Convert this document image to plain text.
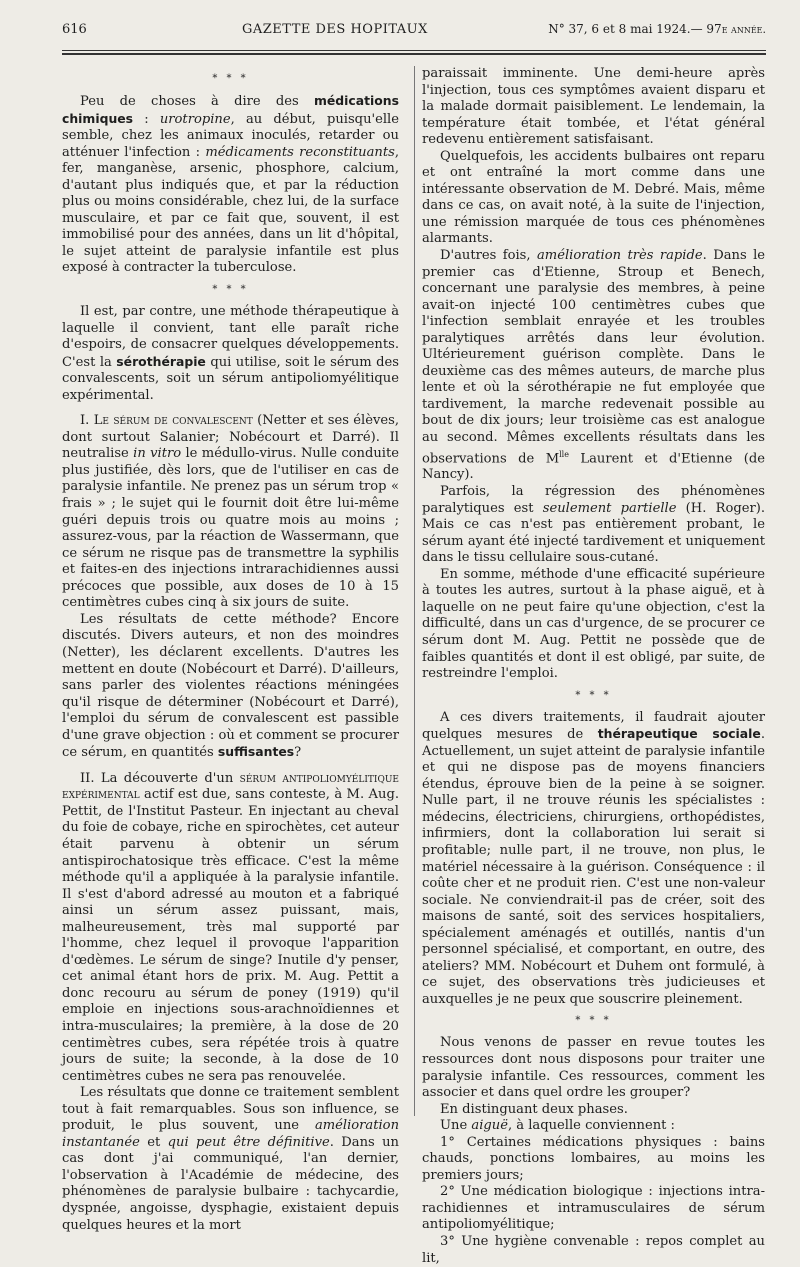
616	GAZETTE DES HOPITAUX	N° 37, 6 et 8 mai 1924.— 97e année.
* * *

Peu de choses à dire des médications chimiques : urotropine, au début, puisqu'elle semble, chez les animaux inoculés, retarder ou atténuer l'infection : médicaments reconstituants, fer, manganèse, arsenic, phosphore, calcium, d'autant plus indiqués que, et par la réduction plus ou moins considérable, chez lui, de la surface musculaire, et par ce fait que, souvent, il est immobilisé pour des années, dans un lit d'hôpital, le sujet atteint de paralysie infantile est plus exposé à contracter la tuberculose.

* * *

Il est, par contre, une méthode thérapeutique à laquelle il convient, tant elle paraît riche d'espoirs, de consacrer quelques développements. C'est la sérothérapie qui utilise, soit le sérum des convalescents, soit un sérum antipoliomyélitique expérimental.

I. Le sérum de convalescent (Netter et ses élèves, dont surtout Salanier; Nobécourt et Darré). Il neutralise in vitro le médullo-virus. Nulle conduite plus justifiée, dès lors, que de l'utiliser en cas de paralysie infantile. Ne prenez pas un sérum trop « frais » ; le sujet qui le fournit doit être lui-même guéri depuis trois ou quatre mois au moins ; assurez-vous, par la réaction de Wassermann, que ce sérum ne risque pas de transmettre la syphilis et faites-en des injections intrarachidiennes aussi précoces que possible, aux doses de 10 à 15 centimètres cubes cinq à six jours de suite.

Les résultats de cette méthode? Encore discutés. Divers auteurs, et non des moindres (Netter), les déclarent excellents. D'autres les mettent en doute (Nobécourt et Darré). D'ailleurs, sans parler des violentes réactions méningées qu'il risque de déterminer (Nobécourt et Darré), l'emploi du sérum de convalescent est passible d'une grave objection : où et comment se procurer ce sérum, en quantités suffisantes?

II. La découverte d'un sérum antipoliomyélitique expérimental actif est due, sans conteste, à M. Aug. Pettit, de l'Institut Pasteur. En injectant au cheval du foie de cobaye, riche en spirochètes, cet auteur était parvenu à obtenir un sérum antispirochatosique très efficace. C'est la même méthode qu'il a appliquée à la paralysie infantile. Il s'est d'abord adressé au mouton et a fabriqué ainsi un sérum assez puissant, mais, malheureusement, très mal supporté par l'homme, chez lequel il provoque l'apparition d'œdèmes. Le sérum de singe? Inutile d'y penser, cet animal étant hors de prix. M. Aug. Pettit a donc recouru au sérum de poney (1919) qu'il emploie en injections sous-arachnoïdiennes et intra-musculaires; la première, à la dose de 20 centimètres cubes, sera répétée trois à quatre jours de suite; la seconde, à la dose de 10 centimètres cubes ne sera pas renouvelée.

Les résultats que donne ce traitement semblent tout à fait remarquables. Sous son influence, se produit, le plus souvent, une amélioration instantanée et qui peut être définitive. Dans un cas dont j'ai communiqué, l'an dernier, l'observation à l'Académie de médecine, des phénomènes de paralysie bulbaire : tachycardie, dyspnée, angoisse, dysphagie, existaient depuis quelques heures et la mort

paraissait imminente. Une demi-heure après l'injection, tous ces symptômes avaient disparu et la malade dormait paisiblement. Le lendemain, la température était tombée, et l'état général redevenu entièrement satisfaisant.

Quelquefois, les accidents bulbaires ont reparu et ont entraîné la mort comme dans une intéressante observation de M. Debré. Mais, même dans ce cas, on avait noté, à la suite de l'injection, une rémission marquée de tous ces phénomènes alarmants.

D'autres fois, amélioration très rapide. Dans le premier cas d'Etienne, Stroup et Benech, concernant une paralysie des membres, à peine avait-on injecté 100 centimètres cubes que l'infection semblait enrayée et les troubles paralytiques arrêtés dans leur évolution. Ultérieurement guérison complète. Dans le deuxième cas des mêmes auteurs, de marche plus lente et où la sérothérapie ne fut employée que tardivement, la marche redevenait possible au bout de dix jours; leur troisième cas est analogue au second. Mêmes excellents résultats dans les observations de $M^{lle}$ Laurent et d'Etienne (de Nancy).

Parfois, la régression des phénomènes paralytiques est seulement partielle (H. Roger). Mais ce cas n'est pas entièrement probant, le sérum ayant été injecté tardivement et uniquement dans le tissu cellulaire sous-cutané.

En somme, méthode d'une efficacité supérieure à toutes les autres, surtout à la phase aiguë, et à laquelle on ne peut faire qu'une objection, c'est la difficulté, dans un cas d'urgence, de se procurer ce sérum dont M. Aug. Pettit ne possède que de faibles quantités et dont il est obligé, par suite, de restreindre l'emploi.

* * *

A ces divers traitements, il faudrait ajouter quelques mesures de thérapeutique sociale. Actuellement, un sujet atteint de paralysie infantile et qui ne dispose pas de moyens financiers étendus, éprouve bien de la peine à se soigner. Nulle part, il ne trouve réunis les spécialistes : médecins, électriciens, chirurgiens, orthopédistes, infirmiers, dont la collaboration lui serait si profitable; nulle part, il ne trouve, non plus, le matériel nécessaire à la guérison. Conséquence : il coûte cher et ne produit rien. C'est une non-valeur sociale. Ne conviendrait-il pas de créer, soit des maisons de santé, soit des services hospitaliers, spécialement aménagés et outillés, nantis d'un personnel spécialisé, et comportant, en outre, des ateliers? MM. Nobécourt et Duhem ont formulé, à ce sujet, des observations très judicieuses et auxquelles je ne peux que souscrire pleinement.

* * *

Nous venons de passer en revue toutes les ressources dont nous disposons pour traiter une paralysie infantile. Ces ressources, comment les associer et dans quel ordre les grouper?

En distinguant deux phases.

Une aiguë, à laquelle conviennent :

1° Certaines médications physiques : bains chauds, ponctions lombaires, au moins les premiers jours;

2° Une médication biologique : injections intra-rachidiennes et intramusculaires de sérum antipoliomyélitique;

3° Une hygiène convenable : repos complet au lit,
